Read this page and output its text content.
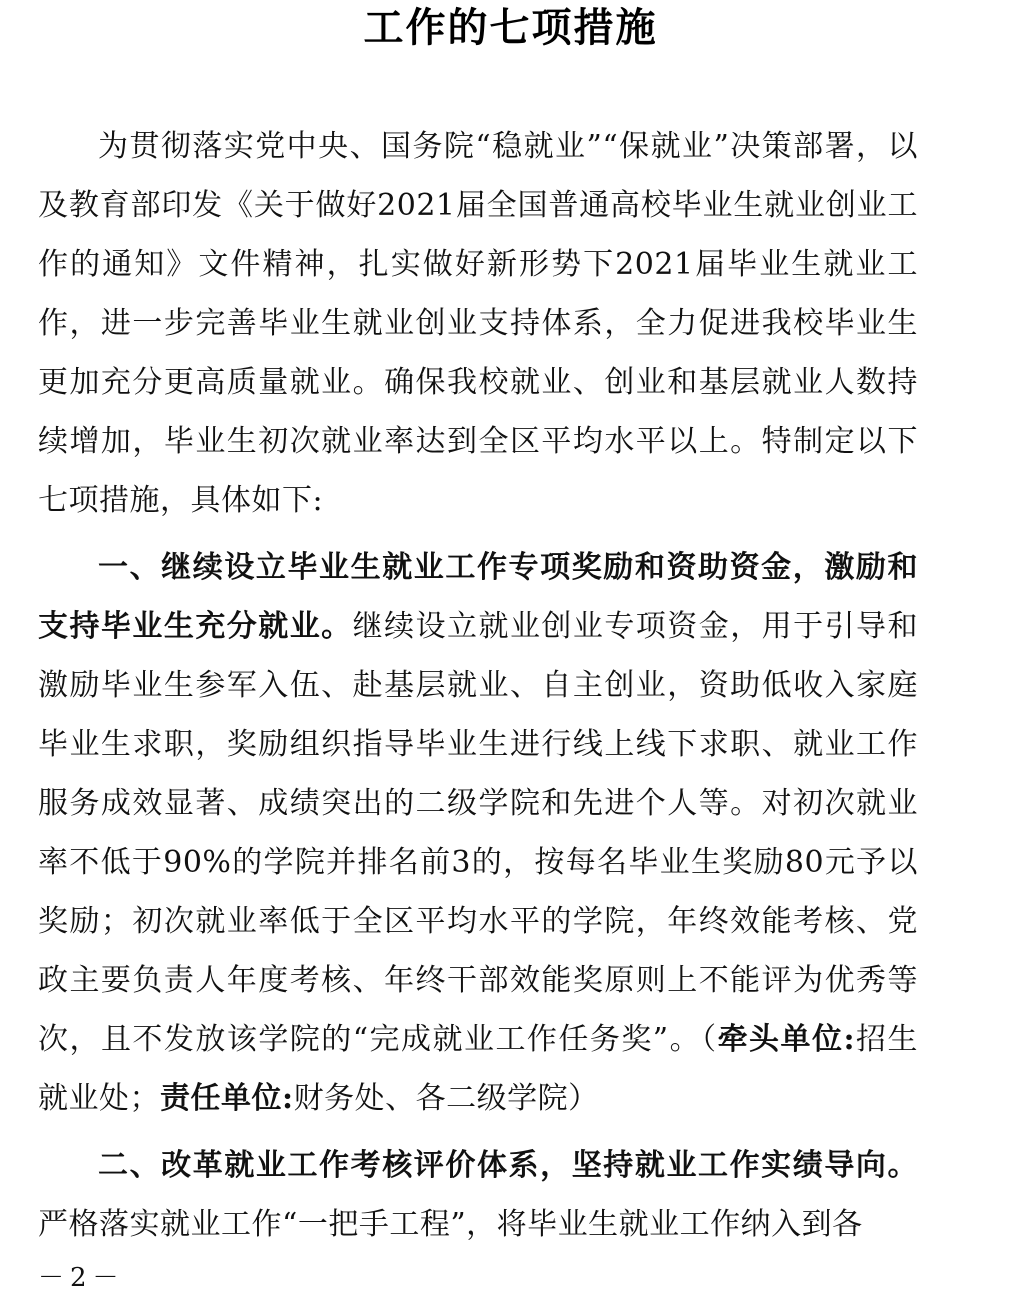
工作的七项措施
为贯彻落实党中央、国务院“稳就业”“保就业”决策部署，以及教育部印发《关于做好2021届全国普通高校毕业生就业创业工作的通知》文件精神，扎实做好新形势下2021届毕业生就业工作，进一步完善毕业生就业创业支持体系，全力促进我校毕业生更加充分更高质量就业。确保我校就业、创业和基层就业人数持续增加，毕业生初次就业率达到全区平均水平以上。特制定以下七项措施，具体如下:
一、继续设立毕业生就业工作专项奖励和资助资金，激励和支持毕业生充分就业。继续设立就业创业专项资金，用于引导和激励毕业生参军入伍、赴基层就业、自主创业，资助低收入家庭毕业生求职，奖励组织指导毕业生进行线上线下求职、就业工作服务成效显著、成绩突出的二级学院和先进个人等。对初次就业率不低于90%的学院并排名前3的，按每名毕业生奖励80元予以奖励；初次就业率低于全区平均水平的学院，年终效能考核、党政主要负责人年度考核、年终干部效能奖原则上不能评为优秀等次，且不发放该学院的“完成就业工作任务奖”。（牵头单位:招生就业处；责任单位:财务处、各二级学院）
二、改革就业工作考核评价体系，坚持就业工作实绩导向。严格落实就业工作“一把手工程”，将毕业生就业工作纳入到各
－2－
